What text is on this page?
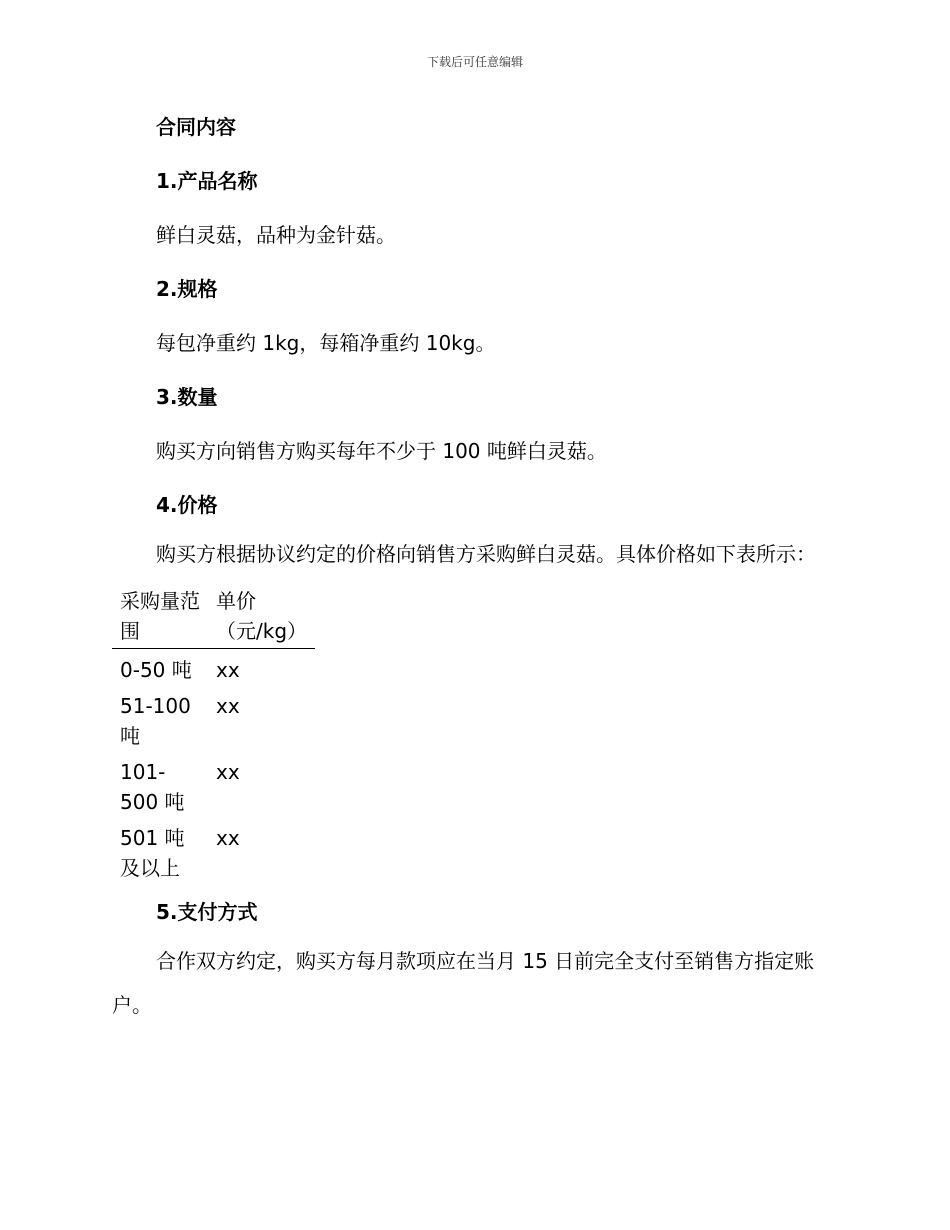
下载后可任意编辑

合同内容

1.产品名称

鲜白灵菇，品种为金针菇。

2.规格

每包净重约 1kg，每箱净重约 10kg。

3.数量

购买方向销售方购买每年不少于 100 吨鲜白灵菇。

4.价格

购买方根据协议约定的价格向销售方采购鲜白灵菇。具体价格如下表所示：

采购量范围	单价（元/kg）
0-50 吨	xx
51-100 吨	xx
101-500 吨	xx
501 吨及以上	xx

5.支付方式

合作双方约定，购买方每月款项应在当月 15 日前完全支付至销售方指定账户。
